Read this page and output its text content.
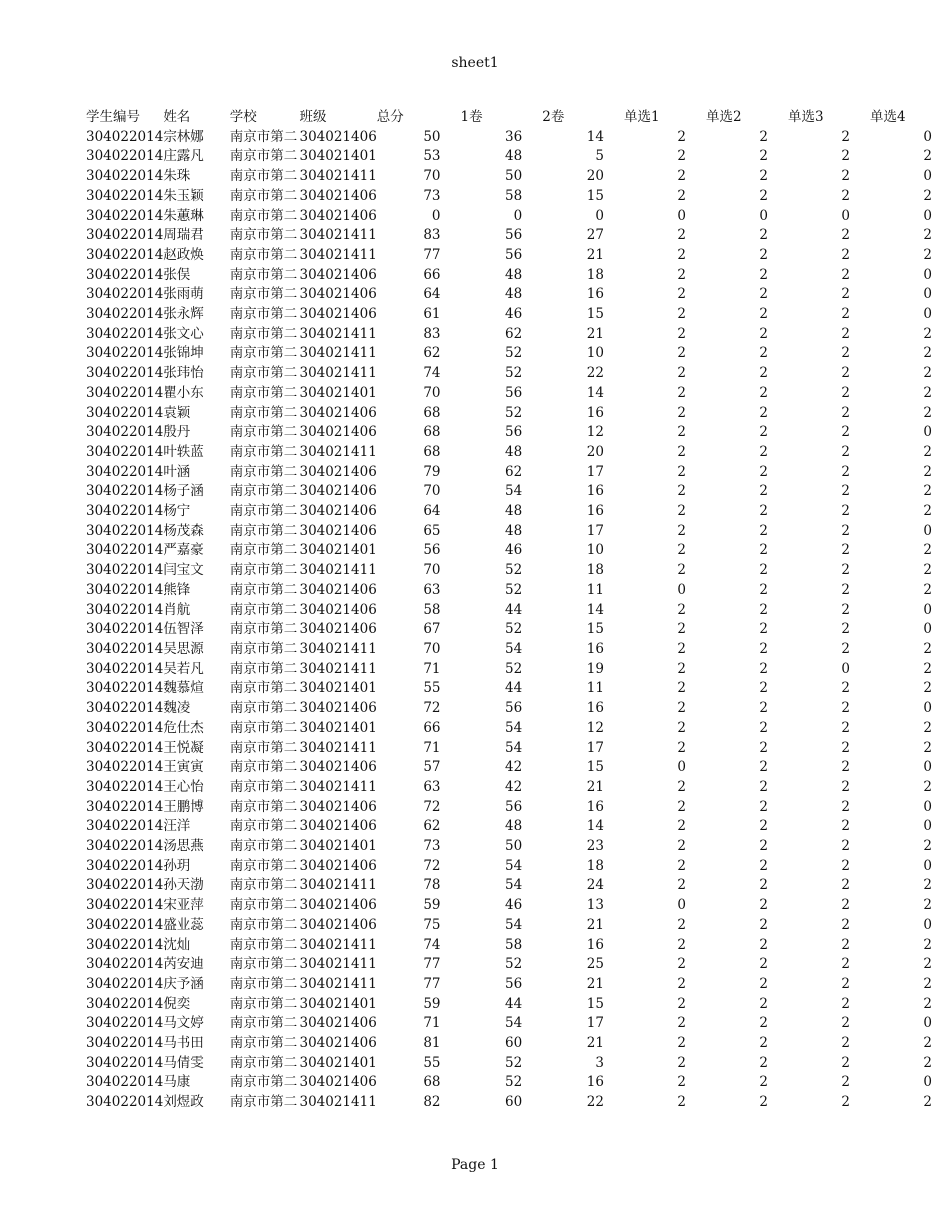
sheet1
学生编号	姓名	学校	班级	总分	1卷	2卷	单选1	单选2	单选3	单选4
304022014	宗林娜	南京市第二	304021406	50	36	14	2	2	2	0
304022014	庄露凡	南京市第二	304021401	53	48	5	2	2	2	2
304022014	朱珠	南京市第二	304021411	70	50	20	2	2	2	0
304022014	朱玉颖	南京市第二	304021406	73	58	15	2	2	2	2
304022014	朱蕙琳	南京市第二	304021406	0	0	0	0	0	0	0
304022014	周瑞君	南京市第二	304021411	83	56	27	2	2	2	2
304022014	赵政焕	南京市第二	304021411	77	56	21	2	2	2	2
304022014	张俣	南京市第二	304021406	66	48	18	2	2	2	0
304022014	张雨萌	南京市第二	304021406	64	48	16	2	2	2	0
304022014	张永辉	南京市第二	304021406	61	46	15	2	2	2	0
304022014	张文心	南京市第二	304021411	83	62	21	2	2	2	2
304022014	张锦坤	南京市第二	304021411	62	52	10	2	2	2	2
304022014	张玮怡	南京市第二	304021411	74	52	22	2	2	2	2
304022014	瞿小东	南京市第二	304021401	70	56	14	2	2	2	2
304022014	袁颖	南京市第二	304021406	68	52	16	2	2	2	2
304022014	殷丹	南京市第二	304021406	68	56	12	2	2	2	0
304022014	叶轶蓝	南京市第二	304021411	68	48	20	2	2	2	2
304022014	叶涵	南京市第二	304021406	79	62	17	2	2	2	2
304022014	杨子涵	南京市第二	304021406	70	54	16	2	2	2	2
304022014	杨宁	南京市第二	304021406	64	48	16	2	2	2	2
304022014	杨茂森	南京市第二	304021406	65	48	17	2	2	2	0
304022014	严嘉豪	南京市第二	304021401	56	46	10	2	2	2	2
304022014	闫宝文	南京市第二	304021411	70	52	18	2	2	2	2
304022014	熊锋	南京市第二	304021406	63	52	11	0	2	2	2
304022014	肖航	南京市第二	304021406	58	44	14	2	2	2	0
304022014	伍智泽	南京市第二	304021406	67	52	15	2	2	2	0
304022014	吴思源	南京市第二	304021411	70	54	16	2	2	2	2
304022014	吴若凡	南京市第二	304021411	71	52	19	2	2	0	2
304022014	魏慕煊	南京市第二	304021401	55	44	11	2	2	2	2
304022014	魏凌	南京市第二	304021406	72	56	16	2	2	2	0
304022014	危仕杰	南京市第二	304021401	66	54	12	2	2	2	2
304022014	王悦凝	南京市第二	304021411	71	54	17	2	2	2	2
304022014	王寅寅	南京市第二	304021406	57	42	15	0	2	2	0
304022014	王心怡	南京市第二	304021411	63	42	21	2	2	2	2
304022014	王鹏博	南京市第二	304021406	72	56	16	2	2	2	0
304022014	汪洋	南京市第二	304021406	62	48	14	2	2	2	0
304022014	汤思燕	南京市第二	304021401	73	50	23	2	2	2	2
304022014	孙玥	南京市第二	304021406	72	54	18	2	2	2	0
304022014	孙天渤	南京市第二	304021411	78	54	24	2	2	2	2
304022014	宋亚萍	南京市第二	304021406	59	46	13	0	2	2	2
304022014	盛业蕊	南京市第二	304021406	75	54	21	2	2	2	0
304022014	沈灿	南京市第二	304021411	74	58	16	2	2	2	2
304022014	芮安迪	南京市第二	304021411	77	52	25	2	2	2	2
304022014	庆予涵	南京市第二	304021411	77	56	21	2	2	2	2
304022014	倪奕	南京市第二	304021401	59	44	15	2	2	2	2
304022014	马文婷	南京市第二	304021406	71	54	17	2	2	2	0
304022014	马书田	南京市第二	304021406	81	60	21	2	2	2	2
304022014	马倩雯	南京市第二	304021401	55	52	3	2	2	2	2
304022014	马康	南京市第二	304021406	68	52	16	2	2	2	0
304022014	刘煜政	南京市第二	304021411	82	60	22	2	2	2	2
Page 1
